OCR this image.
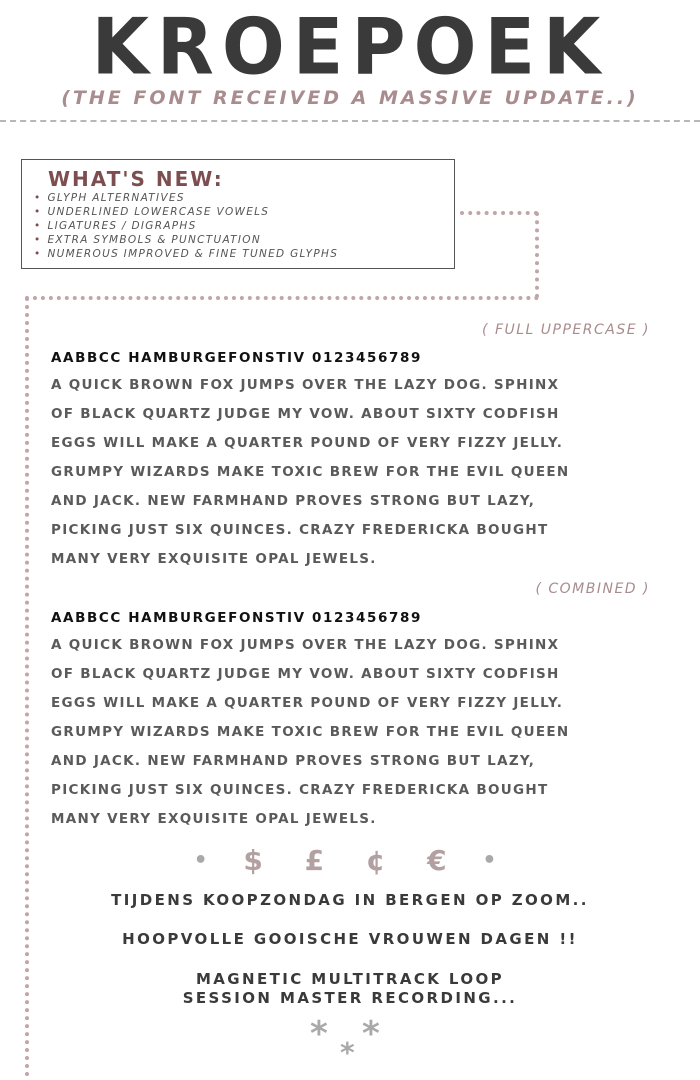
KROEPOEK
(THE FONT RECEIVED A MASSIVE UPDATE..)
WHAT'S NEW:
• GLYPH ALTERNATIVES
• UNDERLINED LOWERCASE VOWELS
• LIGATURES / DIGRAPHS
• EXTRA SYMBOLS & PUNCTUATION
• NUMEROUS IMPROVED & FINE TUNED GLYPHS
( FULL UPPERCASE )
AABBCC HAMBURGEFONSTIV 0123456789
A QUICK BROWN FOX JUMPS OVER THE LAZY DOG. SPHINX
OF BLACK QUARTZ JUDGE MY VOW. ABOUT SIXTY CODFISH
EGGS WILL MAKE A QUARTER POUND OF VERY FIZZY JELLY.
GRUMPY WIZARDS MAKE TOXIC BREW FOR THE EVIL QUEEN
AND JACK. NEW FARMHAND PROVES STRONG BUT LAZY,
PICKING JUST SIX QUINCES. CRAZY FREDERICKA BOUGHT
MANY VERY EXQUISITE OPAL JEWELS.
( COMBINED )
AABBCC HAMBURGEFONSTIV 0123456789
A QUICK BROWN FOX JUMPS OVER THE LAZY DOG. SPHINX
OF BLACK QUARTZ JUDGE MY VOW. ABOUT SIXTY CODFISH
EGGS WILL MAKE A QUARTER POUND OF VERY FIZZY JELLY.
GRUMPY WIZARDS MAKE TOXIC BREW FOR THE EVIL QUEEN
AND JACK. NEW FARMHAND PROVES STRONG BUT LAZY,
PICKING JUST SIX QUINCES. CRAZY FREDERICKA BOUGHT
MANY VERY EXQUISITE OPAL JEWELS.
• $ £ ¢ € •
TIJDENS KOOPZONDAG IN BERGEN OP ZOOM..
HOOPVOLLE GOOISCHE VROUWEN DAGEN !!
MAGNETIC MULTITRACK LOOP
SESSION MASTER RECORDING...
* *
*
